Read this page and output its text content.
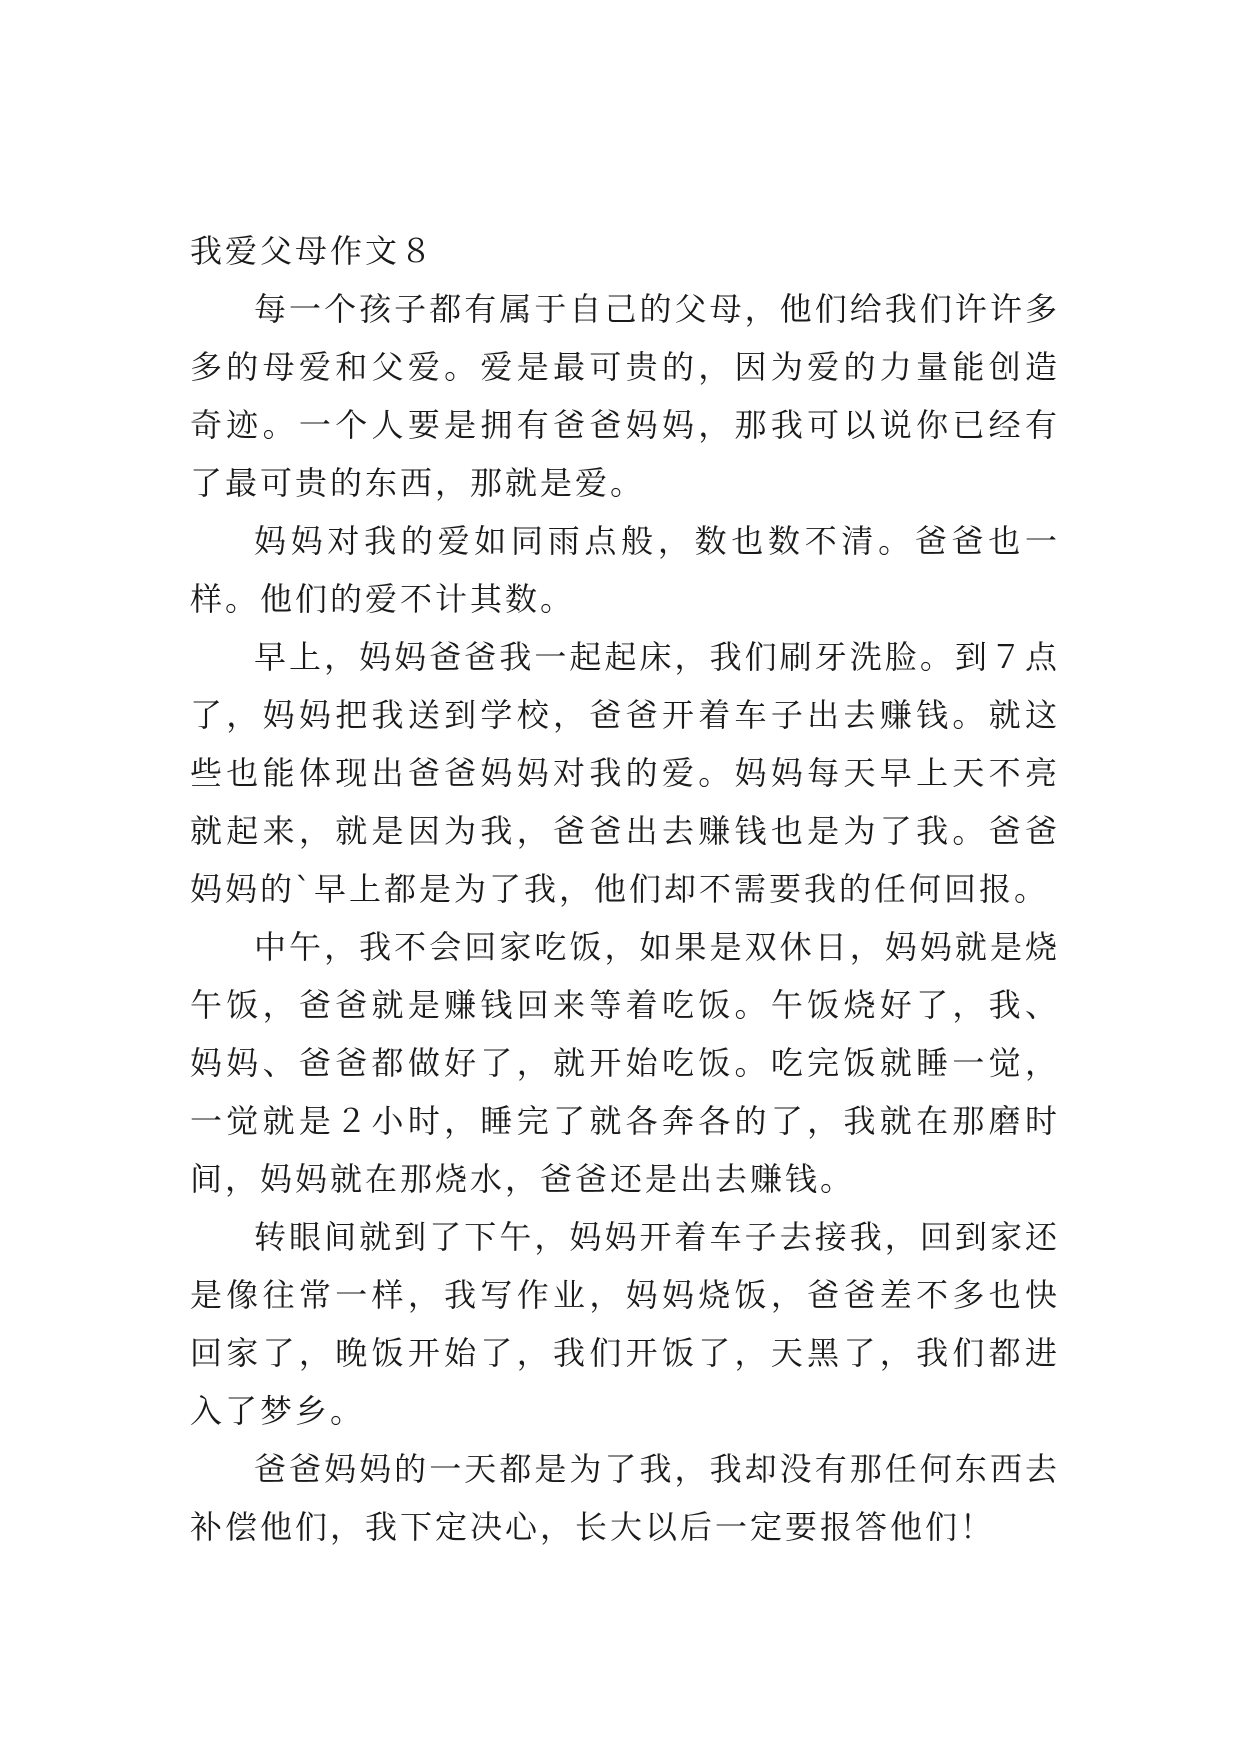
我爱父母作文８

每一个孩子都有属于自己的父母，他们给我们许许多多的母爱和父爱。爱是最可贵的，因为爱的力量能创造奇迹。一个人要是拥有爸爸妈妈，那我可以说你已经有了最可贵的东西，那就是爱。

妈妈对我的爱如同雨点般，数也数不清。爸爸也一样。他们的爱不计其数。

早上，妈妈爸爸我一起起床，我们刷牙洗脸。到７点了，妈妈把我送到学校，爸爸开着车子出去赚钱。就这些也能体现出爸爸妈妈对我的爱。妈妈每天早上天不亮就起来，就是因为我，爸爸出去赚钱也是为了我。爸爸妈妈的`早上都是为了我，他们却不需要我的任何回报。

中午，我不会回家吃饭，如果是双休日，妈妈就是烧午饭，爸爸就是赚钱回来等着吃饭。午饭烧好了，我、妈妈、爸爸都做好了，就开始吃饭。吃完饭就睡一觉，一觉就是２小时，睡完了就各奔各的了，我就在那磨时间，妈妈就在那烧水，爸爸还是出去赚钱。

转眼间就到了下午，妈妈开着车子去接我，回到家还是像往常一样，我写作业，妈妈烧饭，爸爸差不多也快回家了，晚饭开始了，我们开饭了，天黑了，我们都进入了梦乡。

爸爸妈妈的一天都是为了我，我却没有那任何东西去补偿他们，我下定决心，长大以后一定要报答他们！
